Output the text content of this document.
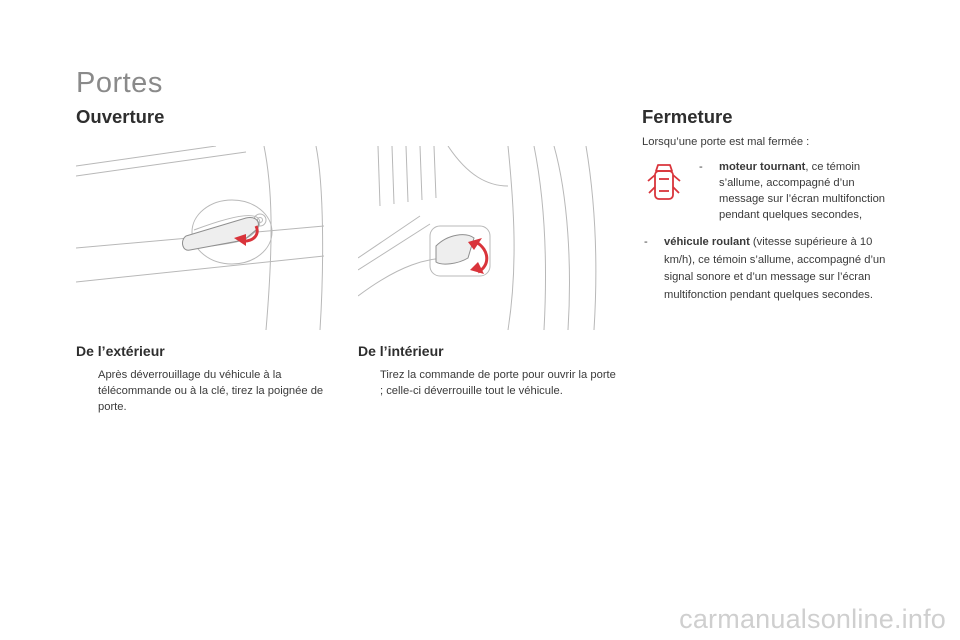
Portes
Ouverture	Fermeture
De l’extérieur
Après déverrouillage du véhicule à la télécommande ou à la clé, tirez la poignée de porte.
De l’intérieur
Tirez la commande de porte pour ouvrir la porte ; celle-ci déverrouille tout le véhicule.
Lorsqu’une porte est mal fermée :
- moteur tournant, ce témoin s’allume, accompagné d’un message sur l’écran multifonction pendant quelques secondes,
- véhicule roulant (vitesse supérieure à 10 km/h), ce témoin s’allume, accompagné d’un signal sonore et d’un message sur l’écran multifonction pendant quelques secondes.
carmanualsonline.info
